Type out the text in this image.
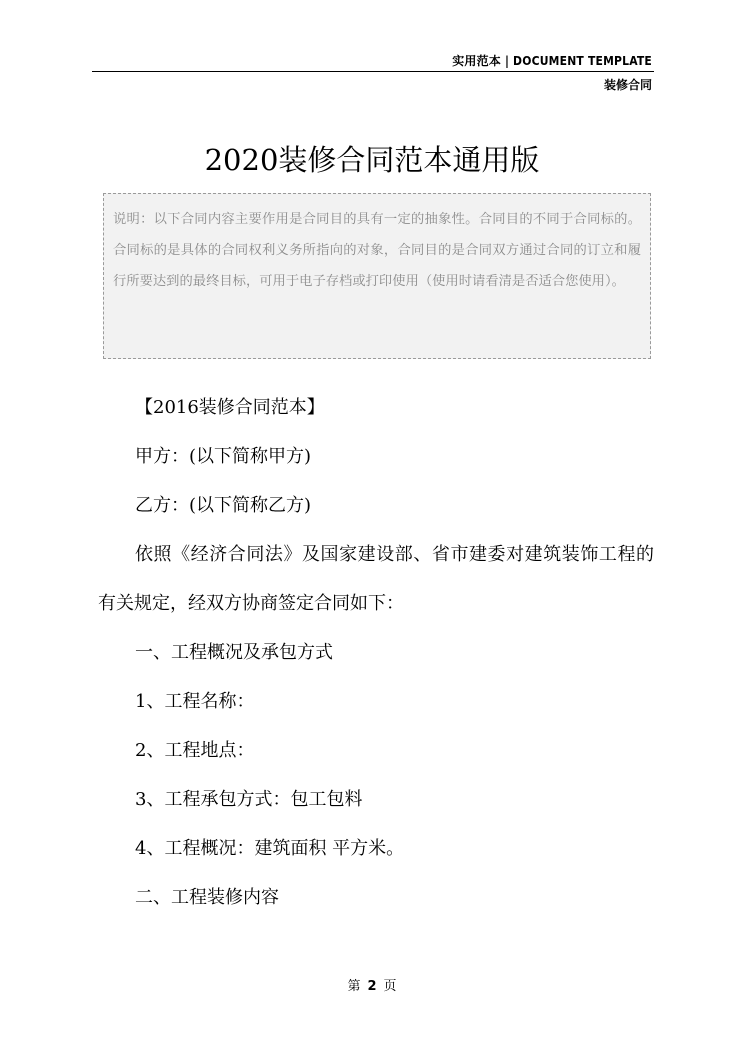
实用范本 | DOCUMENT TEMPLATE
装修合同
2020装修合同范本通用版
说明：以下合同内容主要作用是合同目的具有一定的抽象性。合同目的不同于合同标的。合同标的是具体的合同权利义务所指向的对象，合同目的是合同双方通过合同的订立和履行所要达到的最终目标，可用于电子存档或打印使用（使用时请看清是否适合您使用）。

【2016装修合同范本】

甲方：(以下简称甲方)

乙方：(以下简称乙方)

依照《经济合同法》及国家建设部、省市建委对建筑装饰工程的有关规定，经双方协商签定合同如下：

一、工程概况及承包方式

1、工程名称：

2、工程地点：

3、工程承包方式：包工包料

4、工程概况：建筑面积 平方米。

二、工程装修内容

第 2 页
